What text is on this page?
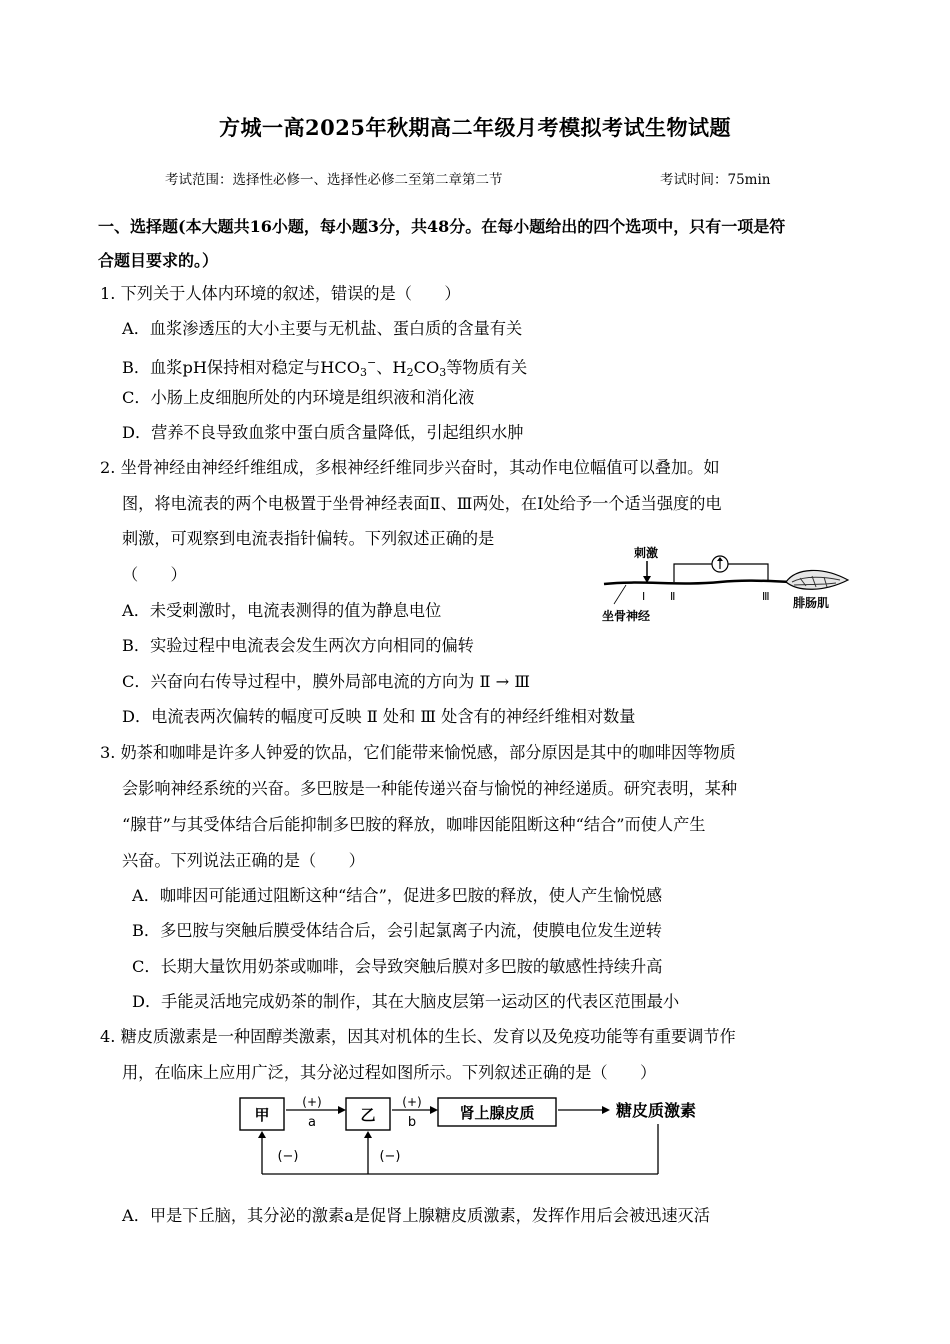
方城一高2025年秋期高二年级月考模拟考试生物试题
考试范围：选择性必修一、选择性必修二至第二章第二节	考试时间：75min
一、选择题(本大题共16小题，每小题3分，共48分。在每小题给出的四个选项中，只有一项是符
合题目要求的。）
1. 下列关于人体内环境的叙述，错误的是（　　）
A．血浆渗透压的大小主要与无机盐、蛋白质的含量有关
B．血浆pH保持相对稳定与HCO3−、H2CO3等物质有关
C．小肠上皮细胞所处的内环境是组织液和消化液
D．营养不良导致血浆中蛋白质含量降低，引起组织水肿
2. 坐骨神经由神经纤维组成，多根神经纤维同步兴奋时，其动作电位幅值可以叠加。如
图，将电流表的两个电极置于坐骨神经表面Ⅱ、Ⅲ两处，在Ⅰ处给予一个适当强度的电
刺激，可观察到电流表指针偏转。下列叙述正确的是
（　　）
A．未受刺激时，电流表测得的值为静息电位
B．实验过程中电流表会发生两次方向相同的偏转
C．兴奋向右传导过程中，膜外局部电流的方向为 Ⅱ → Ⅲ
D．电流表两次偏转的幅度可反映 Ⅱ 处和 Ⅲ 处含有的神经纤维相对数量
刺激
Ⅰ Ⅱ	Ⅲ 腓肠肌
坐骨神经
3. 奶茶和咖啡是许多人钟爱的饮品，它们能带来愉悦感，部分原因是其中的咖啡因等物质
会影响神经系统的兴奋。多巴胺是一种能传递兴奋与愉悦的神经递质。研究表明，某种
“腺苷”与其受体结合后能抑制多巴胺的释放，咖啡因能阻断这种“结合”而使人产生
兴奋。下列说法正确的是（　　）
A．咖啡因可能通过阻断这种“结合”，促进多巴胺的释放，使人产生愉悦感
B．多巴胺与突触后膜受体结合后，会引起氯离子内流，使膜电位发生逆转
C．长期大量饮用奶茶或咖啡，会导致突触后膜对多巴胺的敏感性持续升高
D．手能灵活地完成奶茶的制作，其在大脑皮层第一运动区的代表区范围最小
4. 糖皮质激素是一种固醇类激素，因其对机体的生长、发育以及免疫功能等有重要调节作
用，在临床上应用广泛，其分泌过程如图所示。下列叙述正确的是（　　）
甲
(+)
a	乙
(+)
b
肾上腺皮质	糖皮质激素
(−)	(−)
A．甲是下丘脑，其分泌的激素a是促肾上腺糖皮质激素，发挥作用后会被迅速灭活
